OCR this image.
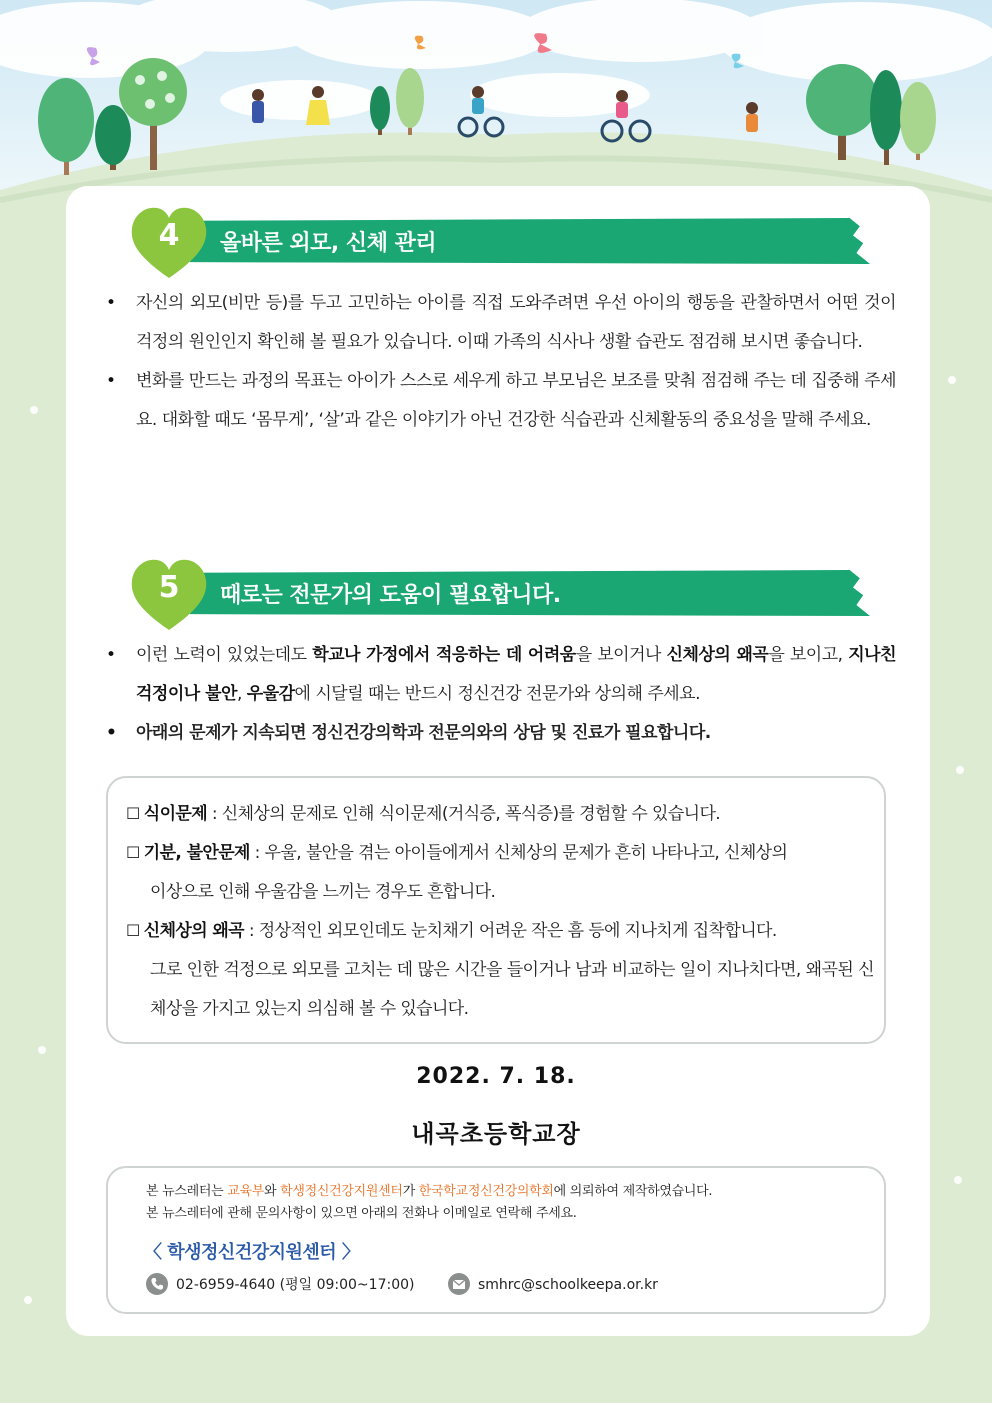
4	올바른 외모, 신체 관리
• 자신의 외모(비만 등)를 두고 고민하는 아이를 직접 도와주려면 우선 아이의 행동을 관찰하면서 어떤 것이 걱정의 원인인지 확인해 볼 필요가 있습니다. 이때 가족의 식사나 생활 습관도 점검해 보시면 좋습니다.
• 변화를 만드는 과정의 목표는 아이가 스스로 세우게 하고 부모님은 보조를 맞춰 점검해 주는 데 집중해 주세요. 대화할 때도 ‘몸무게’, ‘살’과 같은 이야기가 아닌 건강한 식습관과 신체활동의 중요성을 말해 주세요.
5	때로는 전문가의 도움이 필요합니다.
• 이런 노력이 있었는데도 학교나 가정에서 적응하는 데 어려움을 보이거나 신체상의 왜곡을 보이고, 지나친 걱정이나 불안, 우울감에 시달릴 때는 반드시 정신건강 전문가와 상의해 주세요.
• 아래의 문제가 지속되면 정신건강의학과 전문의와의 상담 및 진료가 필요합니다.
☐ 식이문제 : 신체상의 문제로 인해 식이문제(거식증, 폭식증)를 경험할 수 있습니다.
☐ 기분, 불안문제 : 우울, 불안을 겪는 아이들에게서 신체상의 문제가 흔히 나타나고, 신체상의
이상으로 인해 우울감을 느끼는 경우도 흔합니다.
☐ 신체상의 왜곡 : 정상적인 외모인데도 눈치채기 어려운 작은 흠 등에 지나치게 집착합니다.
그로 인한 걱정으로 외모를 고치는 데 많은 시간을 들이거나 남과 비교하는 일이 지나치다면, 왜곡된 신체상을 가지고 있는지 의심해 볼 수 있습니다.
2022. 7. 18.
내곡초등학교장
본 뉴스레터는 교육부와 학생정신건강지원센터가 한국학교정신건강의학회에 의뢰하여 제작하였습니다.
본 뉴스레터에 관해 문의사항이 있으면 아래의 전화나 이메일로 연락해 주세요.
〈 학생정신건강지원센터 〉
02-6959-4640 (평일 09:00~17:00)	smhrc@schoolkeepa.or.kr
